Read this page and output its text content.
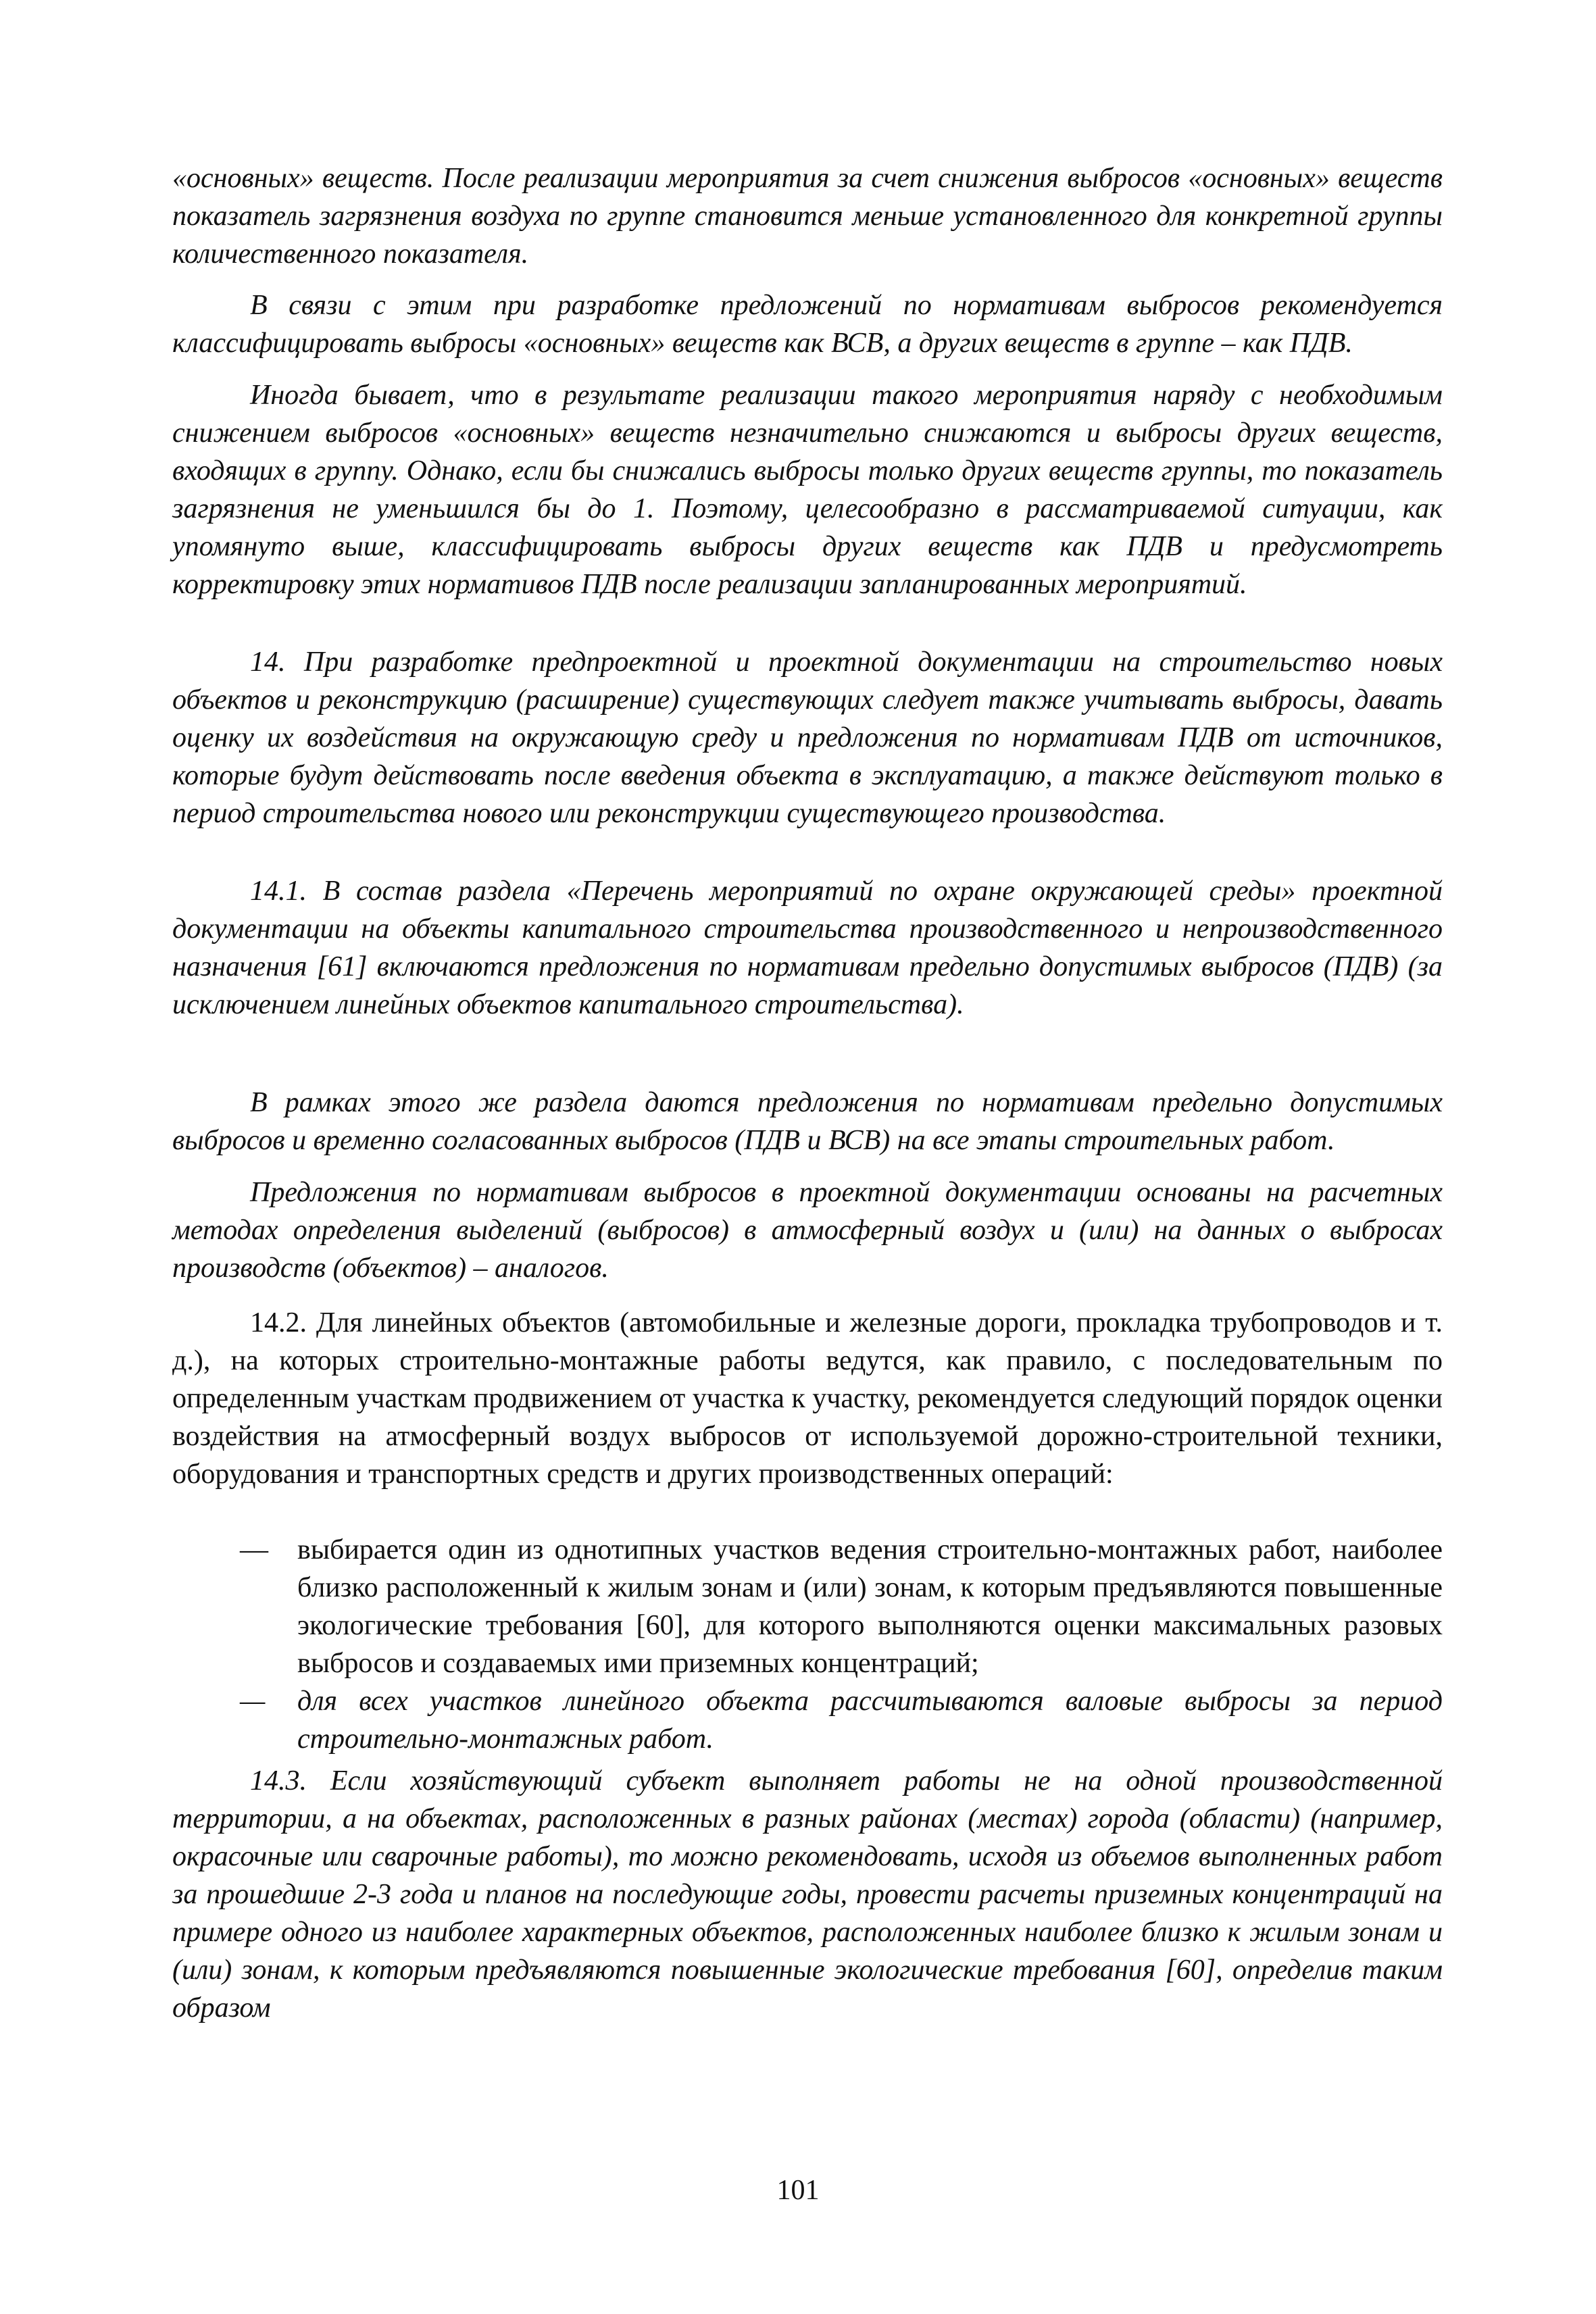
«основных» веществ. После реализации мероприятия за счет снижения выбросов «основных» веществ показатель загрязнения воздуха по группе становится меньше установленного для конкретной группы количественного показателя.

В связи с этим при разработке предложений по нормативам выбросов рекомендуется классифицировать выбросы «основных» веществ как ВСВ, а других веществ в группе – как ПДВ.

Иногда бывает, что в результате реализации такого мероприятия наряду с необходимым снижением выбросов «основных» веществ незначительно снижаются и выбросы других веществ, входящих в группу. Однако, если бы снижались выбросы только других веществ группы, то показатель загрязнения не уменьшился бы до 1. Поэтому, целесообразно в рассматриваемой ситуации, как упомянуто выше, классифицировать выбросы других веществ как ПДВ и предусмотреть корректировку этих нормативов ПДВ после реализации запланированных мероприятий.

14. При разработке предпроектной и проектной документации на строительство новых объектов и реконструкцию (расширение) существующих следует также учитывать выбросы, давать оценку их воздействия на окружающую среду и предложения по нормативам ПДВ от источников, которые будут действовать после введения объекта в эксплуатацию, а также действуют только в период строительства нового или реконструкции существующего производства.

14.1. В состав раздела «Перечень мероприятий по охране окружающей среды» проектной документации на объекты капитального строительства производственного и непроизводственного назначения [61] включаются предложения по нормативам предельно допустимых выбросов (ПДВ) (за исключением линейных объектов капитального строительства).

В рамках этого же раздела даются предложения по нормативам предельно допустимых выбросов и временно согласованных выбросов (ПДВ и ВСВ) на все этапы строительных работ.

Предложения по нормативам выбросов в проектной документации основаны на расчетных методах определения выделений (выбросов) в атмосферный воздух и (или) на данных о выбросах производств (объектов) – аналогов.

14.2. Для линейных объектов (автомобильные и железные дороги, прокладка трубопроводов и т. д.), на которых строительно-монтажные работы ведутся, как правило, с последовательным по определенным участкам продвижением от участка к участку, рекомендуется следующий порядок оценки воздействия на атмосферный воздух выбросов от используемой дорожно-строительной техники, оборудования и транспортных средств и других производственных операций:

—	выбирается один из однотипных участков ведения строительно-монтажных работ, наиболее близко расположенный к жилым зонам и (или) зонам, к которым предъявляются повышенные экологические требования [60], для которого выполняются оценки максимальных разовых выбросов и создаваемых ими приземных концентраций;
—	для всех участков линейного объекта рассчитываются валовые выбросы за период строительно-монтажных работ.

14.3. Если хозяйствующий субъект выполняет работы не на одной производственной территории, а на объектах, расположенных в разных районах (местах) города (области) (например, окрасочные или сварочные работы), то можно рекомендовать, исходя из объемов выполненных работ за прошедшие 2-3 года и планов на последующие годы, провести расчеты приземных концентраций на примере одного из наиболее характерных объектов, расположенных наиболее близко к жилым зонам и (или) зонам, к которым предъявляются повышенные экологические требования [60], определив таким образом

101
